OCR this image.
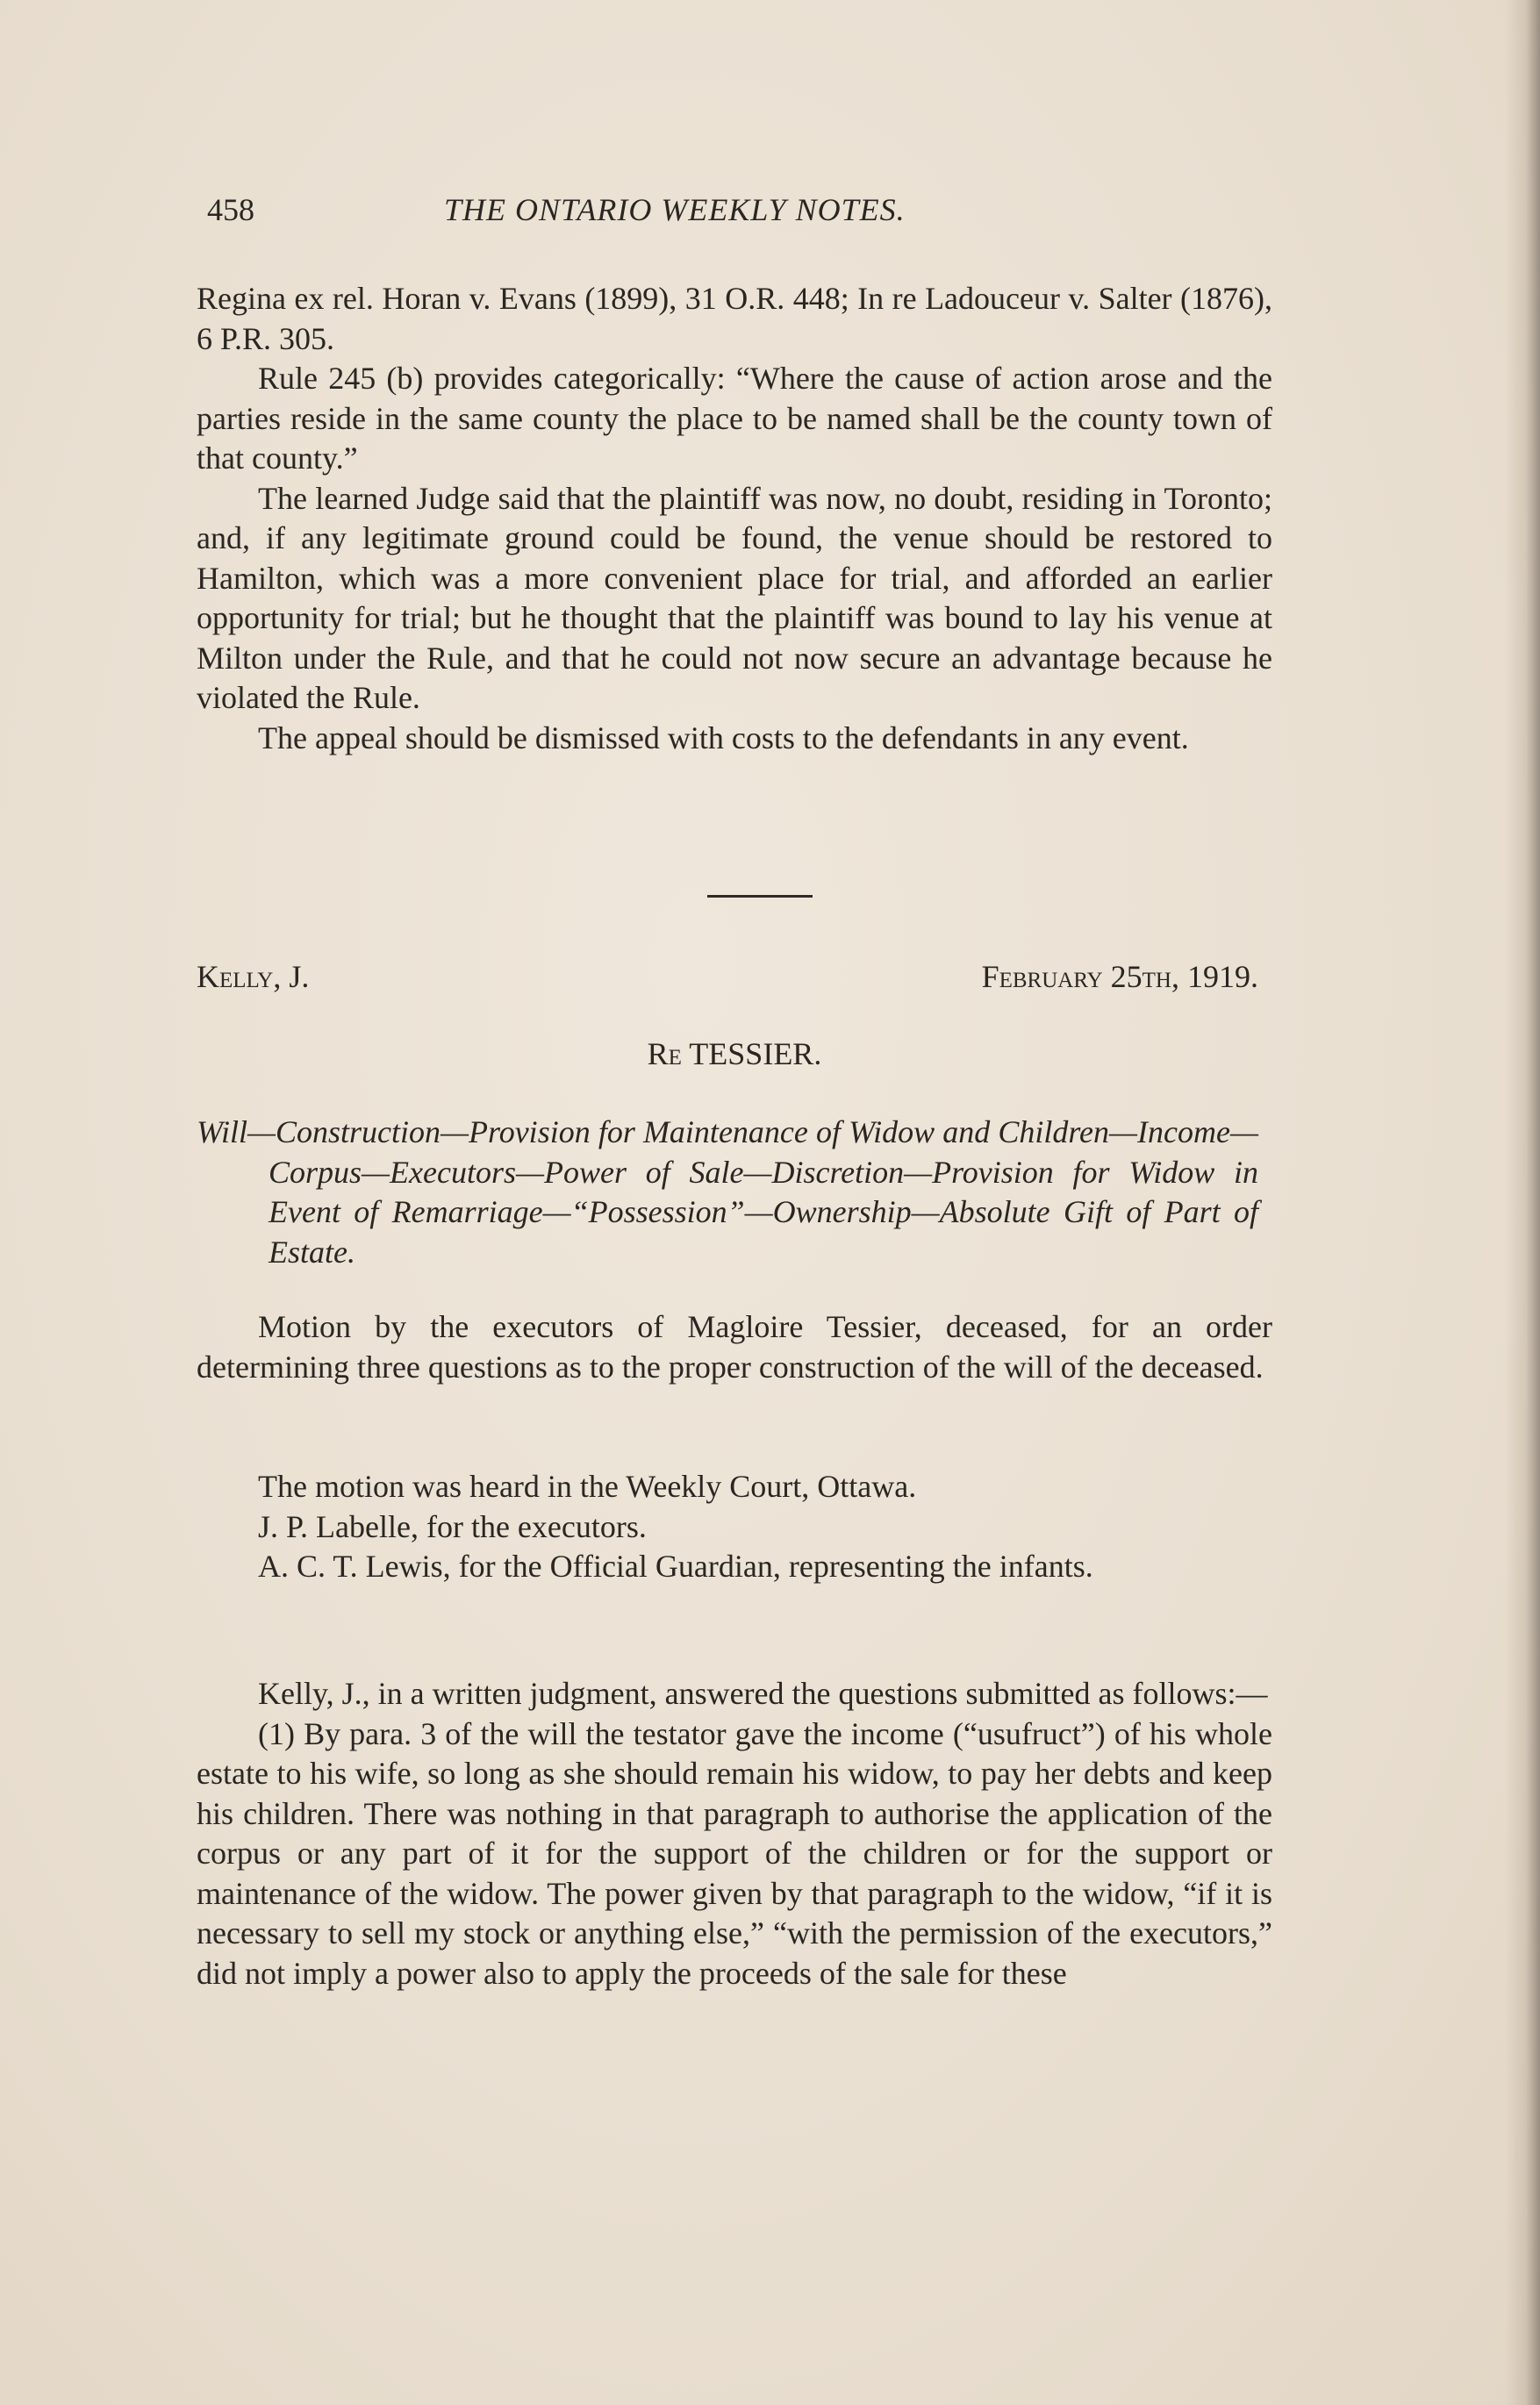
458	THE ONTARIO WEEKLY NOTES.

Regina ex rel. Horan v. Evans (1899), 31 O.R. 448; In re Ladouceur v. Salter (1876), 6 P.R. 305.

Rule 245 (b) provides categorically: “Where the cause of action arose and the parties reside in the same county the place to be named shall be the county town of that county.”

The learned Judge said that the plaintiff was now, no doubt, residing in Toronto; and, if any legitimate ground could be found, the venue should be restored to Hamilton, which was a more convenient place for trial, and afforded an earlier opportunity for trial; but he thought that the plaintiff was bound to lay his venue at Milton under the Rule, and that he could not now secure an advantage because he violated the Rule.

The appeal should be dismissed with costs to the defendants in any event.

Kelly, J.	February 25th, 1919.
Re TESSIER.
Will—Construction—Provision for Maintenance of Widow and Children—Income—Corpus—Executors—Power of Sale—Discretion—Provision for Widow in Event of Remarriage—“Possession”—Ownership—Absolute Gift of Part of Estate.

Motion by the executors of Magloire Tessier, deceased, for an order determining three questions as to the proper construction of the will of the deceased.

The motion was heard in the Weekly Court, Ottawa.

J. P. Labelle, for the executors.

A. C. T. Lewis, for the Official Guardian, representing the infants.

Kelly, J., in a written judgment, answered the questions submitted as follows:—

(1) By para. 3 of the will the testator gave the income (“usufruct”) of his whole estate to his wife, so long as she should remain his widow, to pay her debts and keep his children. There was nothing in that paragraph to authorise the application of the corpus or any part of it for the support of the children or for the support or maintenance of the widow. The power given by that paragraph to the widow, “if it is necessary to sell my stock or anything else,” “with the permission of the executors,” did not imply a power also to apply the proceeds of the sale for these
